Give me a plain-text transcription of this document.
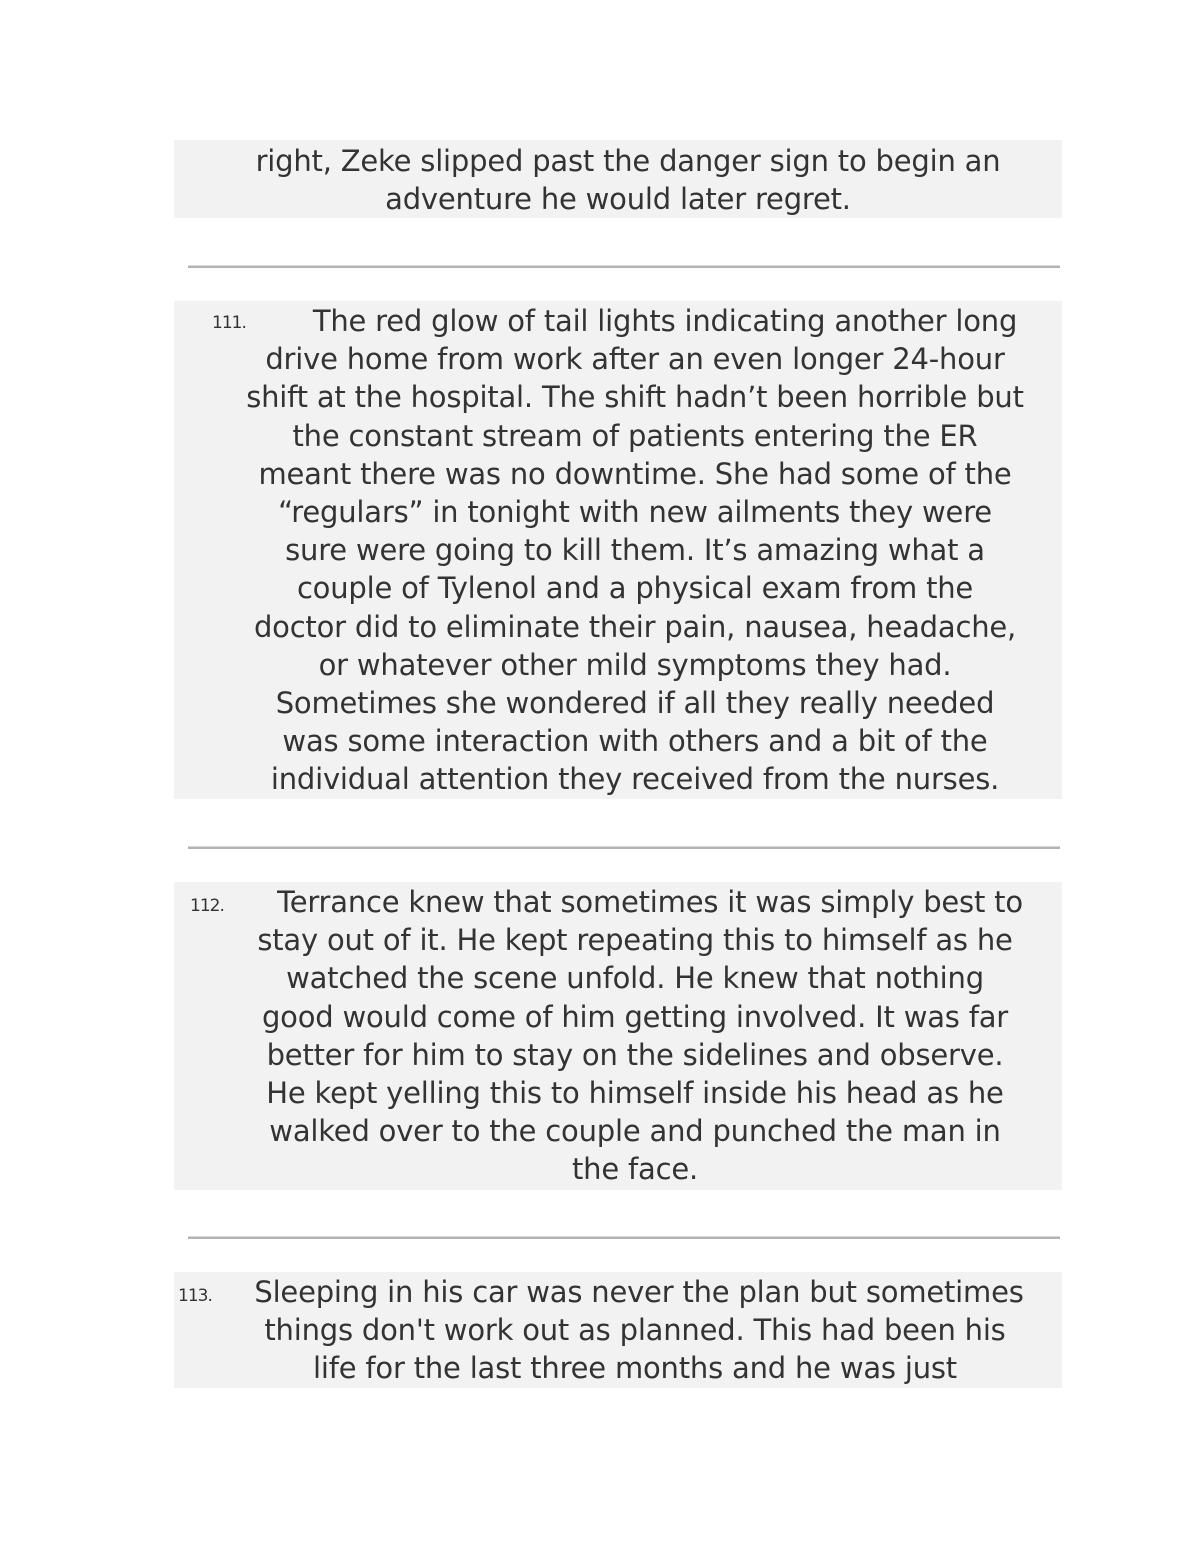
right, Zeke slipped past the danger sign to begin an
adventure he would later regret.
111.	The red glow of tail lights indicating another long
drive home from work after an even longer 24-hour
shift at the hospital. The shift hadn’t been horrible but
the constant stream of patients entering the ER
meant there was no downtime. She had some of the
“regulars” in tonight with new ailments they were
sure were going to kill them. It’s amazing what a
couple of Tylenol and a physical exam from the
doctor did to eliminate their pain, nausea, headache,
or whatever other mild symptoms they had.
Sometimes she wondered if all they really needed
was some interaction with others and a bit of the
individual attention they received from the nurses.
112.	Terrance knew that sometimes it was simply best to
stay out of it. He kept repeating this to himself as he
watched the scene unfold. He knew that nothing
good would come of him getting involved. It was far
better for him to stay on the sidelines and observe.
He kept yelling this to himself inside his head as he
walked over to the couple and punched the man in
the face.
113.	Sleeping in his car was never the plan but sometimes
things don't work out as planned. This had been his
life for the last three months and he was just
